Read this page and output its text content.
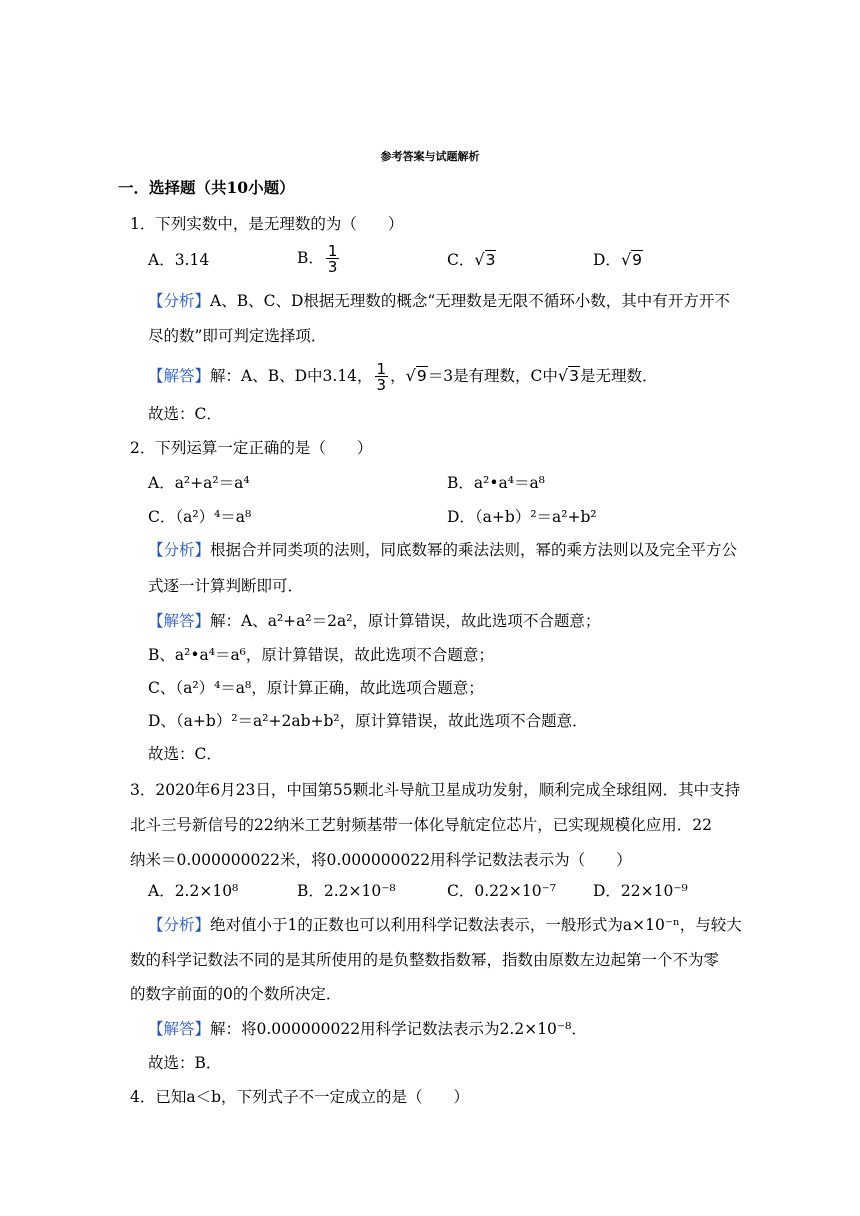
参考答案与试题解析
一．选择题（共10小题）
1．下列实数中，是无理数的为（　　）
A．3.14	B． $\frac{1}{3}$	C．√3	D．√9
【分析】A、B、C、D根据无理数的概念“无理数是无限不循环小数，其中有开方开不
尽的数”即可判定选择项．
【解答】解：A、B、D中3.14， $\frac{1}{3}$ ，√9＝3是有理数，C中√3是无理数．
故选：C．
2．下列运算一定正确的是（　　）
A．a²+a²＝a⁴	B．a²•a⁴＝a⁸
C．（a²）⁴＝a⁸	D．（a+b）²＝a²+b²
【分析】根据合并同类项的法则，同底数幂的乘法法则，幂的乘方法则以及完全平方公
式逐一计算判断即可．
【解答】解：A、a²+a²＝2a²，原计算错误，故此选项不合题意；
B、a²•a⁴＝a⁶，原计算错误，故此选项不合题意；
C、（a²）⁴＝a⁸，原计算正确，故此选项合题意；
D、（a+b）²＝a²+2ab+b²，原计算错误，故此选项不合题意．
故选：C．
3．2020年6月23日，中国第55颗北斗导航卫星成功发射，顺利完成全球组网．其中支持
北斗三号新信号的22纳米工艺射频基带一体化导航定位芯片，已实现规模化应用．22
纳米＝0.000000022米，将0.000000022用科学记数法表示为（　　）
A．2.2×10⁸	B．2.2×10⁻⁸	C．0.22×10⁻⁷ D．22×10⁻⁹
【分析】绝对值小于1的正数也可以利用科学记数法表示，一般形式为a×10⁻ⁿ，与较大
数的科学记数法不同的是其所使用的是负整数指数幂，指数由原数左边起第一个不为零
的数字前面的0的个数所决定．
【解答】解：将0.000000022用科学记数法表示为2.2×10⁻⁸．
故选：B．
4．已知a＜b，下列式子不一定成立的是（　　）
